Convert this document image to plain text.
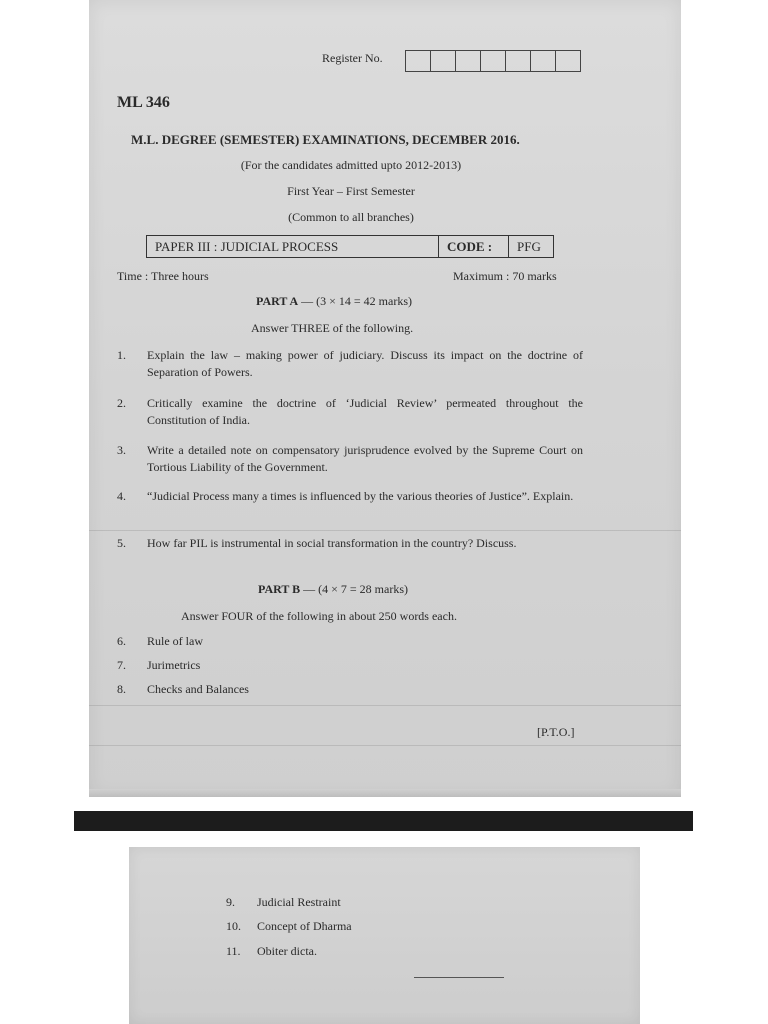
Register No.
ML 346
M.L. DEGREE (SEMESTER) EXAMINATIONS, DECEMBER 2016.
(For the candidates admitted upto 2012-2013)
First Year – First Semester
(Common to all branches)
PAPER III : JUDICIAL PROCESS	CODE :	PFG
Time : Three hours	Maximum : 70 marks
PART A — (3 × 14 = 42 marks)
Answer THREE of the following.
1. Explain the law – making power of judiciary. Discuss its impact on the doctrine of Separation of Powers.
2. Critically examine the doctrine of ‘Judicial Review’ permeated throughout the Constitution of India.
3. Write a detailed note on compensatory jurisprudence evolved by the Supreme Court on Tortious Liability of the Government.
4. “Judicial Process many a times is influenced by the various theories of Justice”. Explain.
5. How far PIL is instrumental in social transformation in the country? Discuss.
PART B — (4 × 7 = 28 marks)
Answer FOUR of the following in about 250 words each.
6. Rule of law
7. Jurimetrics
8. Checks and Balances
[P.T.O.]
9. Judicial Restraint
10. Concept of Dharma
11. Obiter dicta.
